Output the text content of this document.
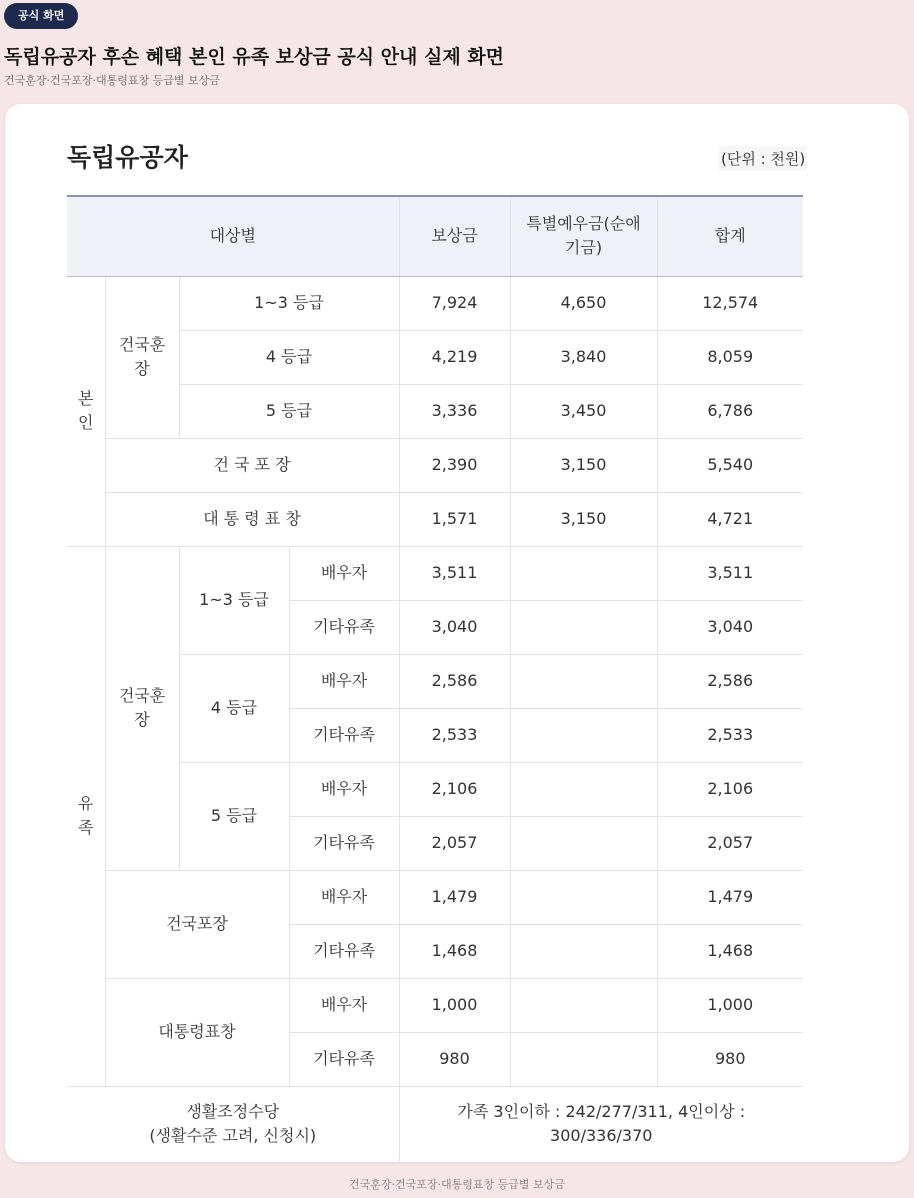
공식 화면
독립유공자 후손 혜택 본인 유족 보상금 공식 안내 실제 화면
건국훈장·건국포장·대통령표창 등급별 보상금
독립유공자	(단위 : 천원)
대상별				보상금	특별예우금(순애기금)	합계
본인	건국훈장	1~3 등급		7,924	4,650	12,574
		4 등급		4,219	3,840	8,059
		5 등급		3,336	3,450	6,786
	건 국 포 장			2,390	3,150	5,540
	대 통 령 표 창			1,571	3,150	4,721
유족	건국훈장	1~3 등급	배우자	3,511		3,511
			기타유족	3,040		3,040
		4 등급	배우자	2,586		2,586
			기타유족	2,533		2,533
		5 등급	배우자	2,106		2,106
			기타유족	2,057		2,057
	건국포장		배우자	1,479		1,479
			기타유족	1,468		1,468
	대통령표창		배우자	1,000		1,000
			기타유족	980		980

생활조정수당
(생활수준 고려, 신청시)				가족 3인이하 : 242/277/311, 4인이상 : 300/336/370		
건국훈장·건국포장·대통령표창 등급별 보상금
